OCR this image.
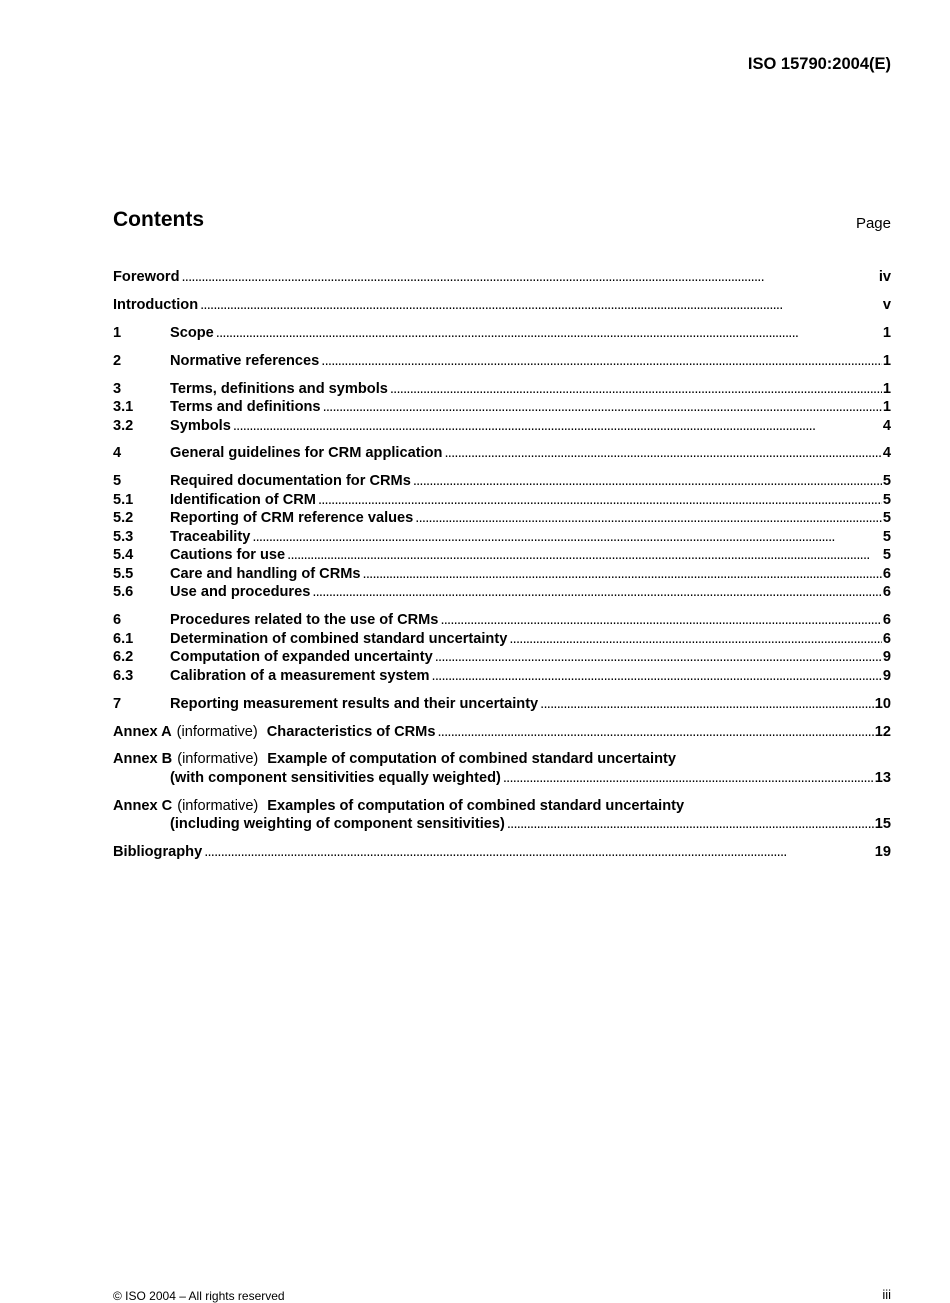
ISO 15790:2004(E)
Contents	Page
Foreword . . .	iv
Introduction . . .	v
1	Scope . . .	1
2	Normative references . . .	1
3	Terms, definitions and symbols . . .	1
3.1	Terms and definitions . . .	1
3.2	Symbols . . .	4
4	General guidelines for CRM application . . .	4
5	Required documentation for CRMs . . .	5
5.1	Identification of CRM . . .	5
5.2	Reporting of CRM reference values . . .	5
5.3	Traceability . . .	5
5.4	Cautions for use . . .	5
5.5	Care and handling of CRMs . . .	6
5.6	Use and procedures . . .	6
6	Procedures related to the use of CRMs . . .	6
6.1	Determination of combined standard uncertainty . . .	6
6.2	Computation of expanded uncertainty . . .	9
6.3	Calibration of a measurement system . . .	9
7	Reporting measurement results and their uncertainty . . .	10
Annex A (informative) Characteristics of CRMs . . .	12
Annex B (informative) Example of computation of combined standard uncertainty
(with component sensitivities equally weighted) . . .	13
Annex C (informative) Examples of computation of combined standard uncertainty
(including weighting of component sensitivities) . . .	15
Bibliography . . .	19
© ISO 2004 – All rights reserved	iii
